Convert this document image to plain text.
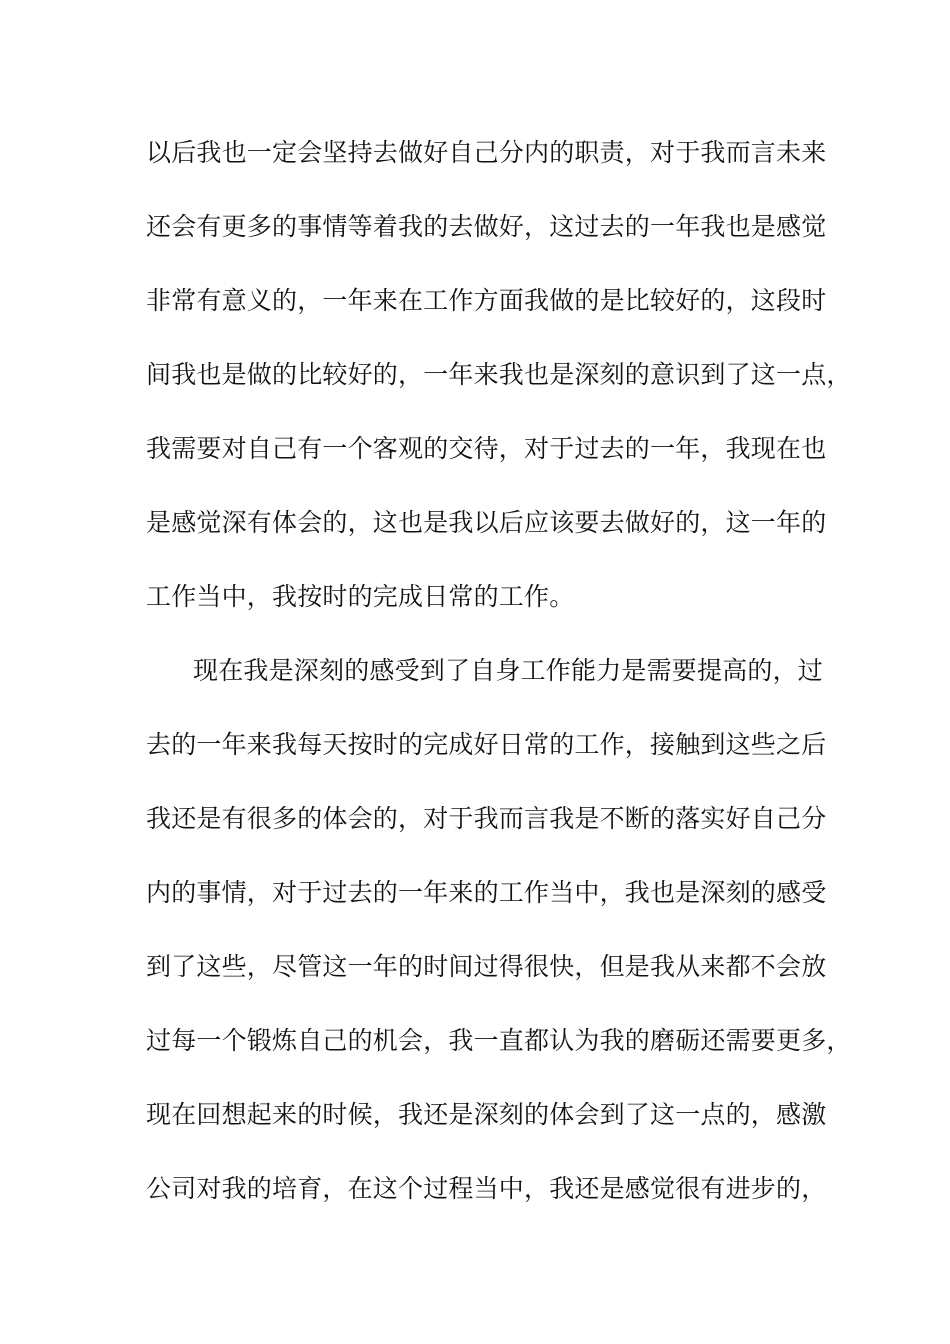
以后我也一定会坚持去做好自己分内的职责，对于我而言未来
还会有更多的事情等着我的去做好，这过去的一年我也是感觉
非常有意义的，一年来在工作方面我做的是比较好的，这段时
间我也是做的比较好的，一年来我也是深刻的意识到了这一点，
我需要对自己有一个客观的交待，对于过去的一年，我现在也
是感觉深有体会的，这也是我以后应该要去做好的，这一年的
工作当中，我按时的完成日常的工作。
现在我是深刻的感受到了自身工作能力是需要提高的，过
去的一年来我每天按时的完成好日常的工作，接触到这些之后
我还是有很多的体会的，对于我而言我是不断的落实好自己分
内的事情，对于过去的一年来的工作当中，我也是深刻的感受
到了这些，尽管这一年的时间过得很快，但是我从来都不会放
过每一个锻炼自己的机会，我一直都认为我的磨砺还需要更多，
现在回想起来的时候，我还是深刻的体会到了这一点的，感激
公司对我的培育，在这个过程当中，我还是感觉很有进步的，
